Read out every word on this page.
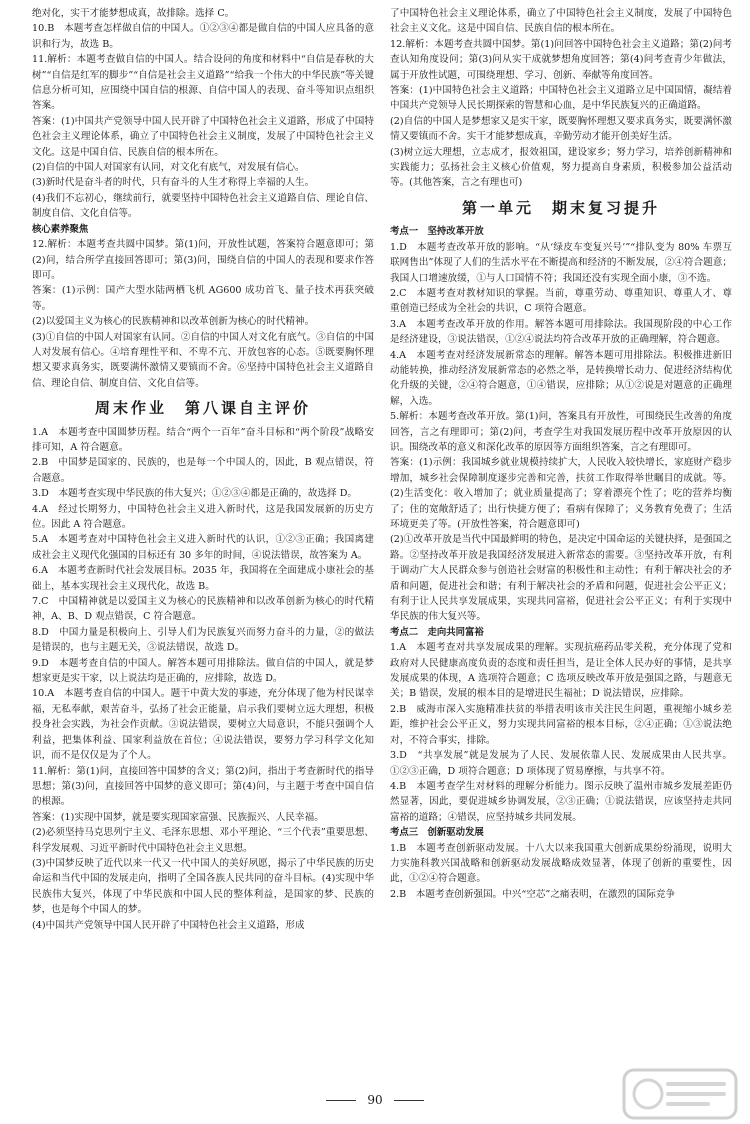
绝对化，实干才能梦想成真，故排除。选择 C。

10.B　本题考查怎样做自信的中国人。①②③④都是做自信的中国人应具备的意识和行为，故选 B。

11.解析：本题考查做自信的中国人。结合设问的角度和材料中“自信是春秋的大树”“自信是红军的脚步”“自信是社会主义道路”“给我一个伟大的中华民族”等关键信息分析可知，应围绕中国自信的根源、自信中国人的表现、奋斗等知识点组织答案。

答案：(1)中国共产党领导中国人民开辟了中国特色社会主义道路，形成了中国特色社会主义理论体系，确立了中国特色社会主义制度，发展了中国特色社会主义文化。这是中国自信、民族自信的根本所在。

(2)自信的中国人对国家有认同，对文化有底气，对发展有信心。

(3)新时代是奋斗者的时代，只有奋斗的人生才称得上幸福的人生。

(4)我们不忘初心，继续前行，就要坚持中国特色社会主义道路自信、理论自信、制度自信、文化自信等。

核心素养聚焦

12.解析：本题考查共圆中国梦。第(1)问，开放性试题，答案符合题意即可；第(2)问，结合所学直接回答即可；第(3)问，围绕自信的中国人的表现和要求作答即可。

答案：(1)示例：国产大型水陆两栖飞机 AG600 成功首飞、量子技术再获突破等。

(2)以爱国主义为核心的民族精神和以改革创新为核心的时代精神。

(3)①自信的中国人对国家有认同。②自信的中国人对文化有底气。③自信的中国人对发展有信心。④培育理性平和、不卑不亢、开放包容的心态。⑤既要胸怀理想又要求真务实，既要满怀激情又要镇而不舍。⑥坚持中国特色社会主义道路自信、理论自信、制度自信、文化自信等。

周末作业　第八课自主评价

1.A　本题考查中国圆梦历程。结合“两个一百年”奋斗目标和“两个阶段”战略安排可知，A 符合题意。

2.B　中国梦是国家的、民族的，也是每一个中国人的，因此，B 观点错误，符合题意。

3.D　本题考查实现中华民族的伟大复兴；①②③④都是正确的，故选择 D。

4.A　经过长期努力，中国特色社会主义进入新时代，这是我国发展新的历史方位。因此 A 符合题意。

5.A　本题考查对中国特色社会主义进入新时代的认识，①②③正确；我国离建成社会主义现代化强国的目标还有 30 多年的时间，④说法错误，故答案为 A。

6.A　本题考查新时代社会发展目标。2035 年，我国将在全面建成小康社会的基础上，基本实现社会主义现代化，故选 B。

7.C　中国精神就是以爱国主义为核心的民族精神和以改革创新为核心的时代精神，A、B、D 观点错误，C 符合题意。

8.D　中国力量是积极向上、引导人们为民族复兴而努力奋斗的力量，②的做法是错误的，也与主题无关，③说法错误，故选 D。

9.D　本题考查自信的中国人。解答本题可用排除法。做自信的中国人，就是梦想家更是实干家，以上说法均是正确的，应排除，故选 D。

10.A　本题考查自信的中国人。题干中黄大发的事迹，充分体现了他为村民谋幸福，无私奉献，艰苦奋斗，弘扬了社会正能量，启示我们要树立远大理想，积极投身社会实践，为社会作贡献。③说法错误，要树立大局意识，不能只强调个人利益，把集体利益、国家利益放在首位；④说法错误，要努力学习科学文化知识，而不是仅仅是为了个人。

11.解析：第(1)问，直接回答中国梦的含义；第(2)问，指出于考查新时代的指导思想；第(3)问，直接回答中国梦的意义即可；第(4)问，与主题于考查中国自信的根源。

答案：(1)实现中国梦，就是要实现国家富强、民族振兴、人民幸福。

(2)必须坚持马克思列宁主义、毛泽东思想、邓小平理论、“三个代表”重要思想、科学发展观、习近平新时代中国特色社会主义思想。

(3)中国梦反映了近代以来一代又一代中国人的美好夙愿，揭示了中华民族的历史命运和当代中国的发展走向，指明了全国各族人民共同的奋斗目标。(4)实现中华民族伟大复兴，体现了中华民族和中国人民的整体利益，是国家的梦、民族的梦，也是每个中国人的梦。

(4)中国共产党领导中国人民开辟了中国特色社会主义道路，形成

了中国特色社会主义理论体系，确立了中国特色社会主义制度，发展了中国特色社会主义文化。这是中国自信、民族自信的根本所在。

12.解析：本题考查共圆中国梦。第(1)问回答中国特色社会主义道路；第(2)问考查认知角度设问；第(3)问从实干成就梦想角度回答；第(4)问考查青少年做法，属于开放性试题，可围绕理想、学习、创新、奉献等角度回答。

答案：(1)中国特色社会主义道路；中国特色社会主义道路立足中国国情，凝结着中国共产党领导人民长期探索的智慧和心血，是中华民族复兴的正确道路。

(2)自信的中国人是梦想家又是实干家，既要胸怀理想又要求真务实，既要满怀激情又要镇而不舍。实干才能梦想成真，辛勤劳动才能开创美好生活。

(3)树立远大理想，立志成才，报效祖国，建设家乡；努力学习，培养创新精神和实践能力；弘扬社会主义核心价值观，努力提高自身素质，积极参加公益活动等。(其他答案，言之有理也可)

第一单元　期末复习提升

考点一　坚持改革开放

1.D　本题考查改革开放的影响。“从‘绿皮车变复兴号’”“排队变为 80% 车票互联网售出”体现了人们的生活水平在不断提高和经济的不断发展，②④符合题意；我国人口增速放缓，①与人口国情不符；我国还没有实现全面小康，③不选。

2.C　本题考查对教材知识的掌握。当前，尊重劳动、尊重知识、尊重人才、尊重创造已经成为全社会的共识，C 项符合题意。

3.A　本题考查改革开放的作用。解答本题可用排除法。我国现阶段的中心工作是经济建设，③说法错误，①②④说法均符合改革开放的正确理解，符合题意。

4.A　本题考查对经济发展新常态的理解。解答本题可用排除法。积极推进新旧动能转换，推动经济发展新常态的必然之举，是转换增长动力、促进经济结构优化升级的关键，②④符合题意，①④错误，应排除；从①②说是对题意的正确理解，入选。

5.解析：本题考查改革开放。第(1)问，答案具有开放性，可围绕民生改善的角度回答，言之有理即可；第(2)问，考查学生对我国发展历程中改革开放原因的认识。围绕改革的意义和深化改革的原因等方面组织答案，言之有理即可。

答案：(1)示例：我国城乡就业规模持续扩大，人民收入较快增长，家庭财产稳步增加，城乡社会保障制度逐步完善和完善，扶贫工作取得举世瞩目的成就。等。(2)生活变化：收入增加了；就业质量提高了；穿着漂亮个性了；吃的营养均衡了；住的宽敞舒适了；出行快捷方便了；看病有保障了；义务教育免费了；生活环境更美了等。(开放性答案，符合题意即可)

(2)①改革开放是当代中国最鲜明的特色，是决定中国命运的关键抉择，是强国之路。②坚持改革开放是我国经济发展进入新常态的需要。③坚持改革开放，有利于调动广大人民群众参与创造社会财富的积极性和主动性；有利于解决社会的矛盾和问题，促进社会和谐；有利于解决社会的矛盾和问题，促进社会公平正义；有利于让人民共享发展成果，实现共同富裕，促进社会公平正义；有利于实现中华民族的伟大复兴等。

考点二　走向共同富裕

1.A　本题考查对共享发展成果的理解。实现抗癌药品零关税，充分体现了党和政府对人民健康高度负责的态度和责任担当，是让全体人民办好的事情，是共享发展成果的体现，A 选项符合题意；C 选项反映改革开放是强国之路，与题意无关；B 错误，发展的根本目的是增进民生福祉；D 说法错误，应排除。

2.B　威海市深入实施精准扶贫的举措表明该市关注民生问题，重视缩小城乡差距，维护社会公平正义，努力实现共同富裕的根本目标，②④正确；①③说法绝对，不符合事实，排除。

3.D　“共享发展”就是发展为了人民、发展依靠人民、发展成果由人民共享。①②③正确，D 项符合题意；D 项体现了贸易摩擦，与共享不符。

4.B　本题考查学生对材料的理解分析能力。图示反映了温州市城乡发展差距仍然显著，因此，要促进城乡协调发展，②③正确；①说法错误，应该坚持走共同富裕的道路；④错误，应坚持城乡共同发展。

考点三　创新驱动发展

1.B　本题考查创新驱动发展。十八大以来我国重大创新成果纷纷涌现，说明大力实施科教兴国战略和创新驱动发展战略成效显著，体现了创新的重要性，因此，①②④符合题意。

2.B　本题考查创新强国。中兴“空芯”之痛表明，在激烈的国际竞争

90
